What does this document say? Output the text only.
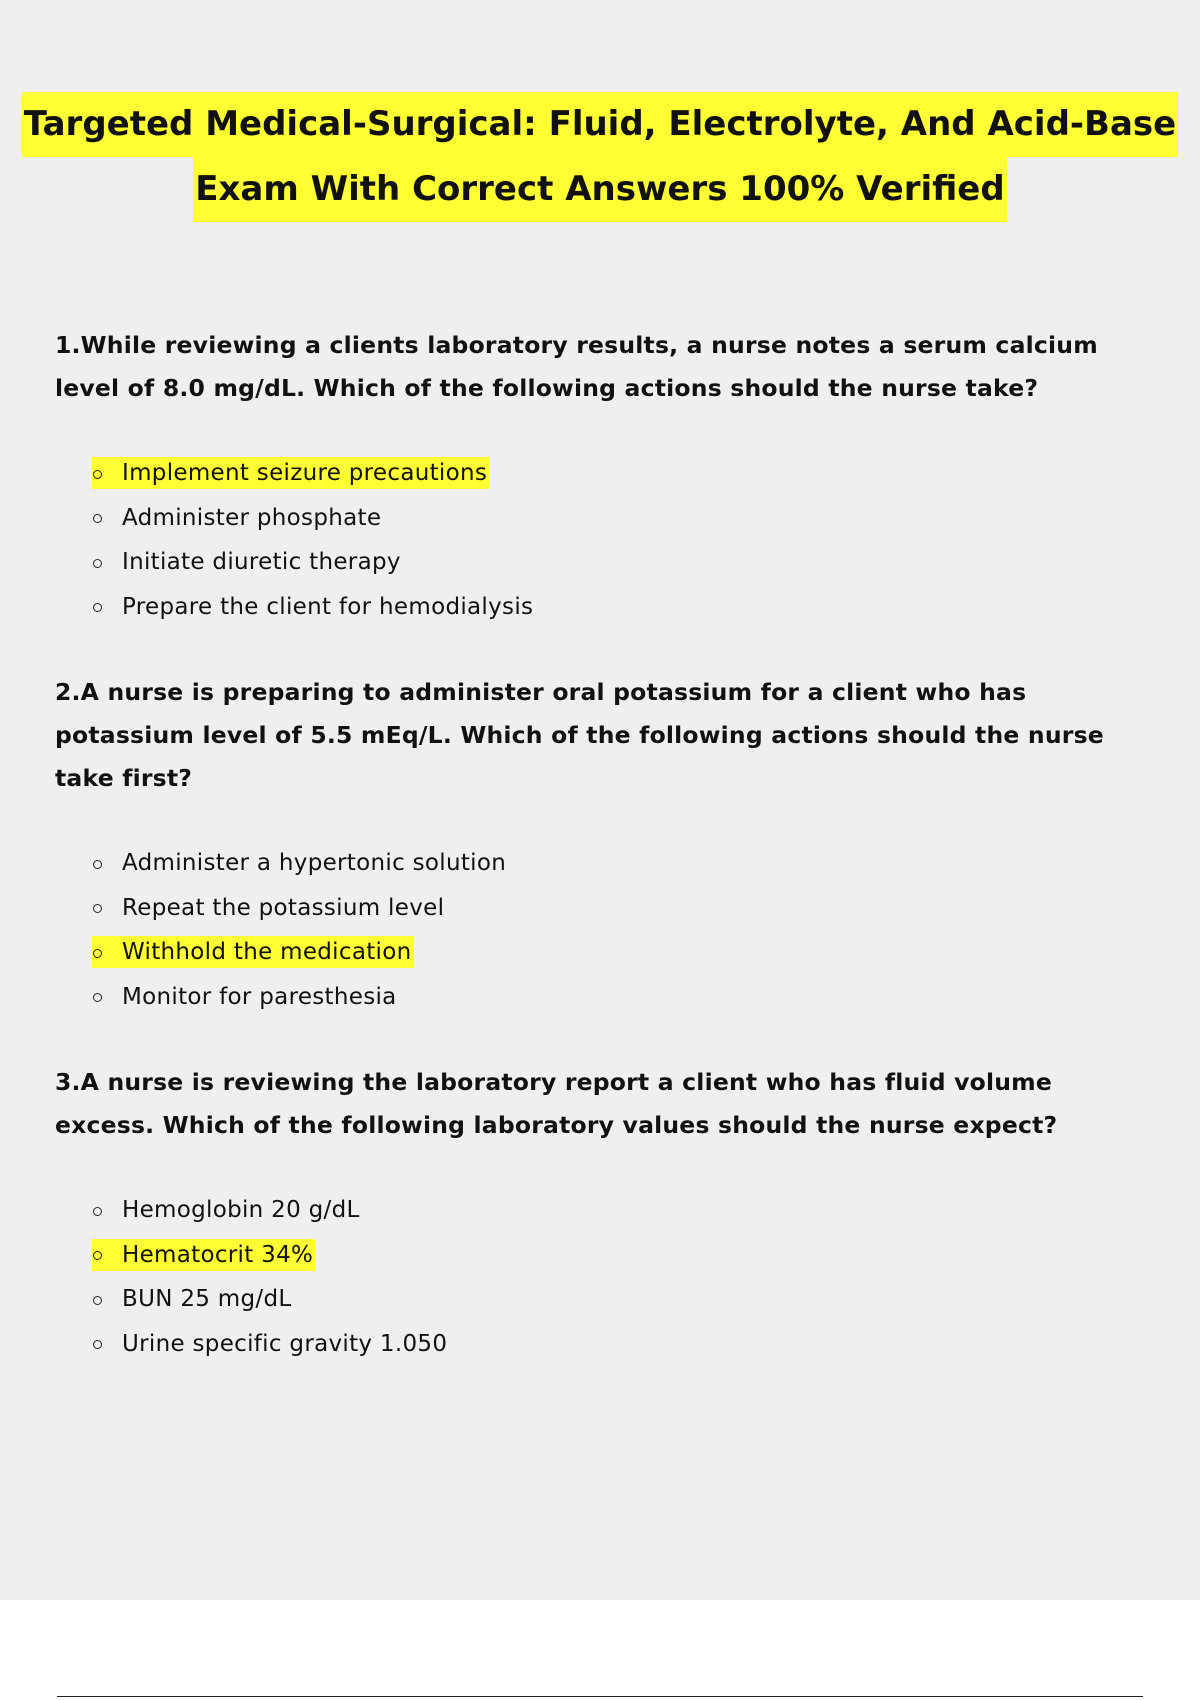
Targeted Medical-Surgical: Fluid, Electrolyte, And Acid-Base
Exam With Correct Answers 100% Verified
1.While reviewing a clients laboratory results, a nurse notes a serum calcium
level of 8.0 mg/dL. Which of the following actions should the nurse take?
Implement seizure precautions
Administer phosphate
Initiate diuretic therapy
Prepare the client for hemodialysis
2.A nurse is preparing to administer oral potassium for a client who has
potassium level of 5.5 mEq/L. Which of the following actions should the nurse
take first?
Administer a hypertonic solution
Repeat the potassium level
Withhold the medication
Monitor for paresthesia
3.A nurse is reviewing the laboratory report a client who has fluid volume
excess. Which of the following laboratory values should the nurse expect?
Hemoglobin 20 g/dL
Hematocrit 34%
BUN 25 mg/dL
Urine specific gravity 1.050
